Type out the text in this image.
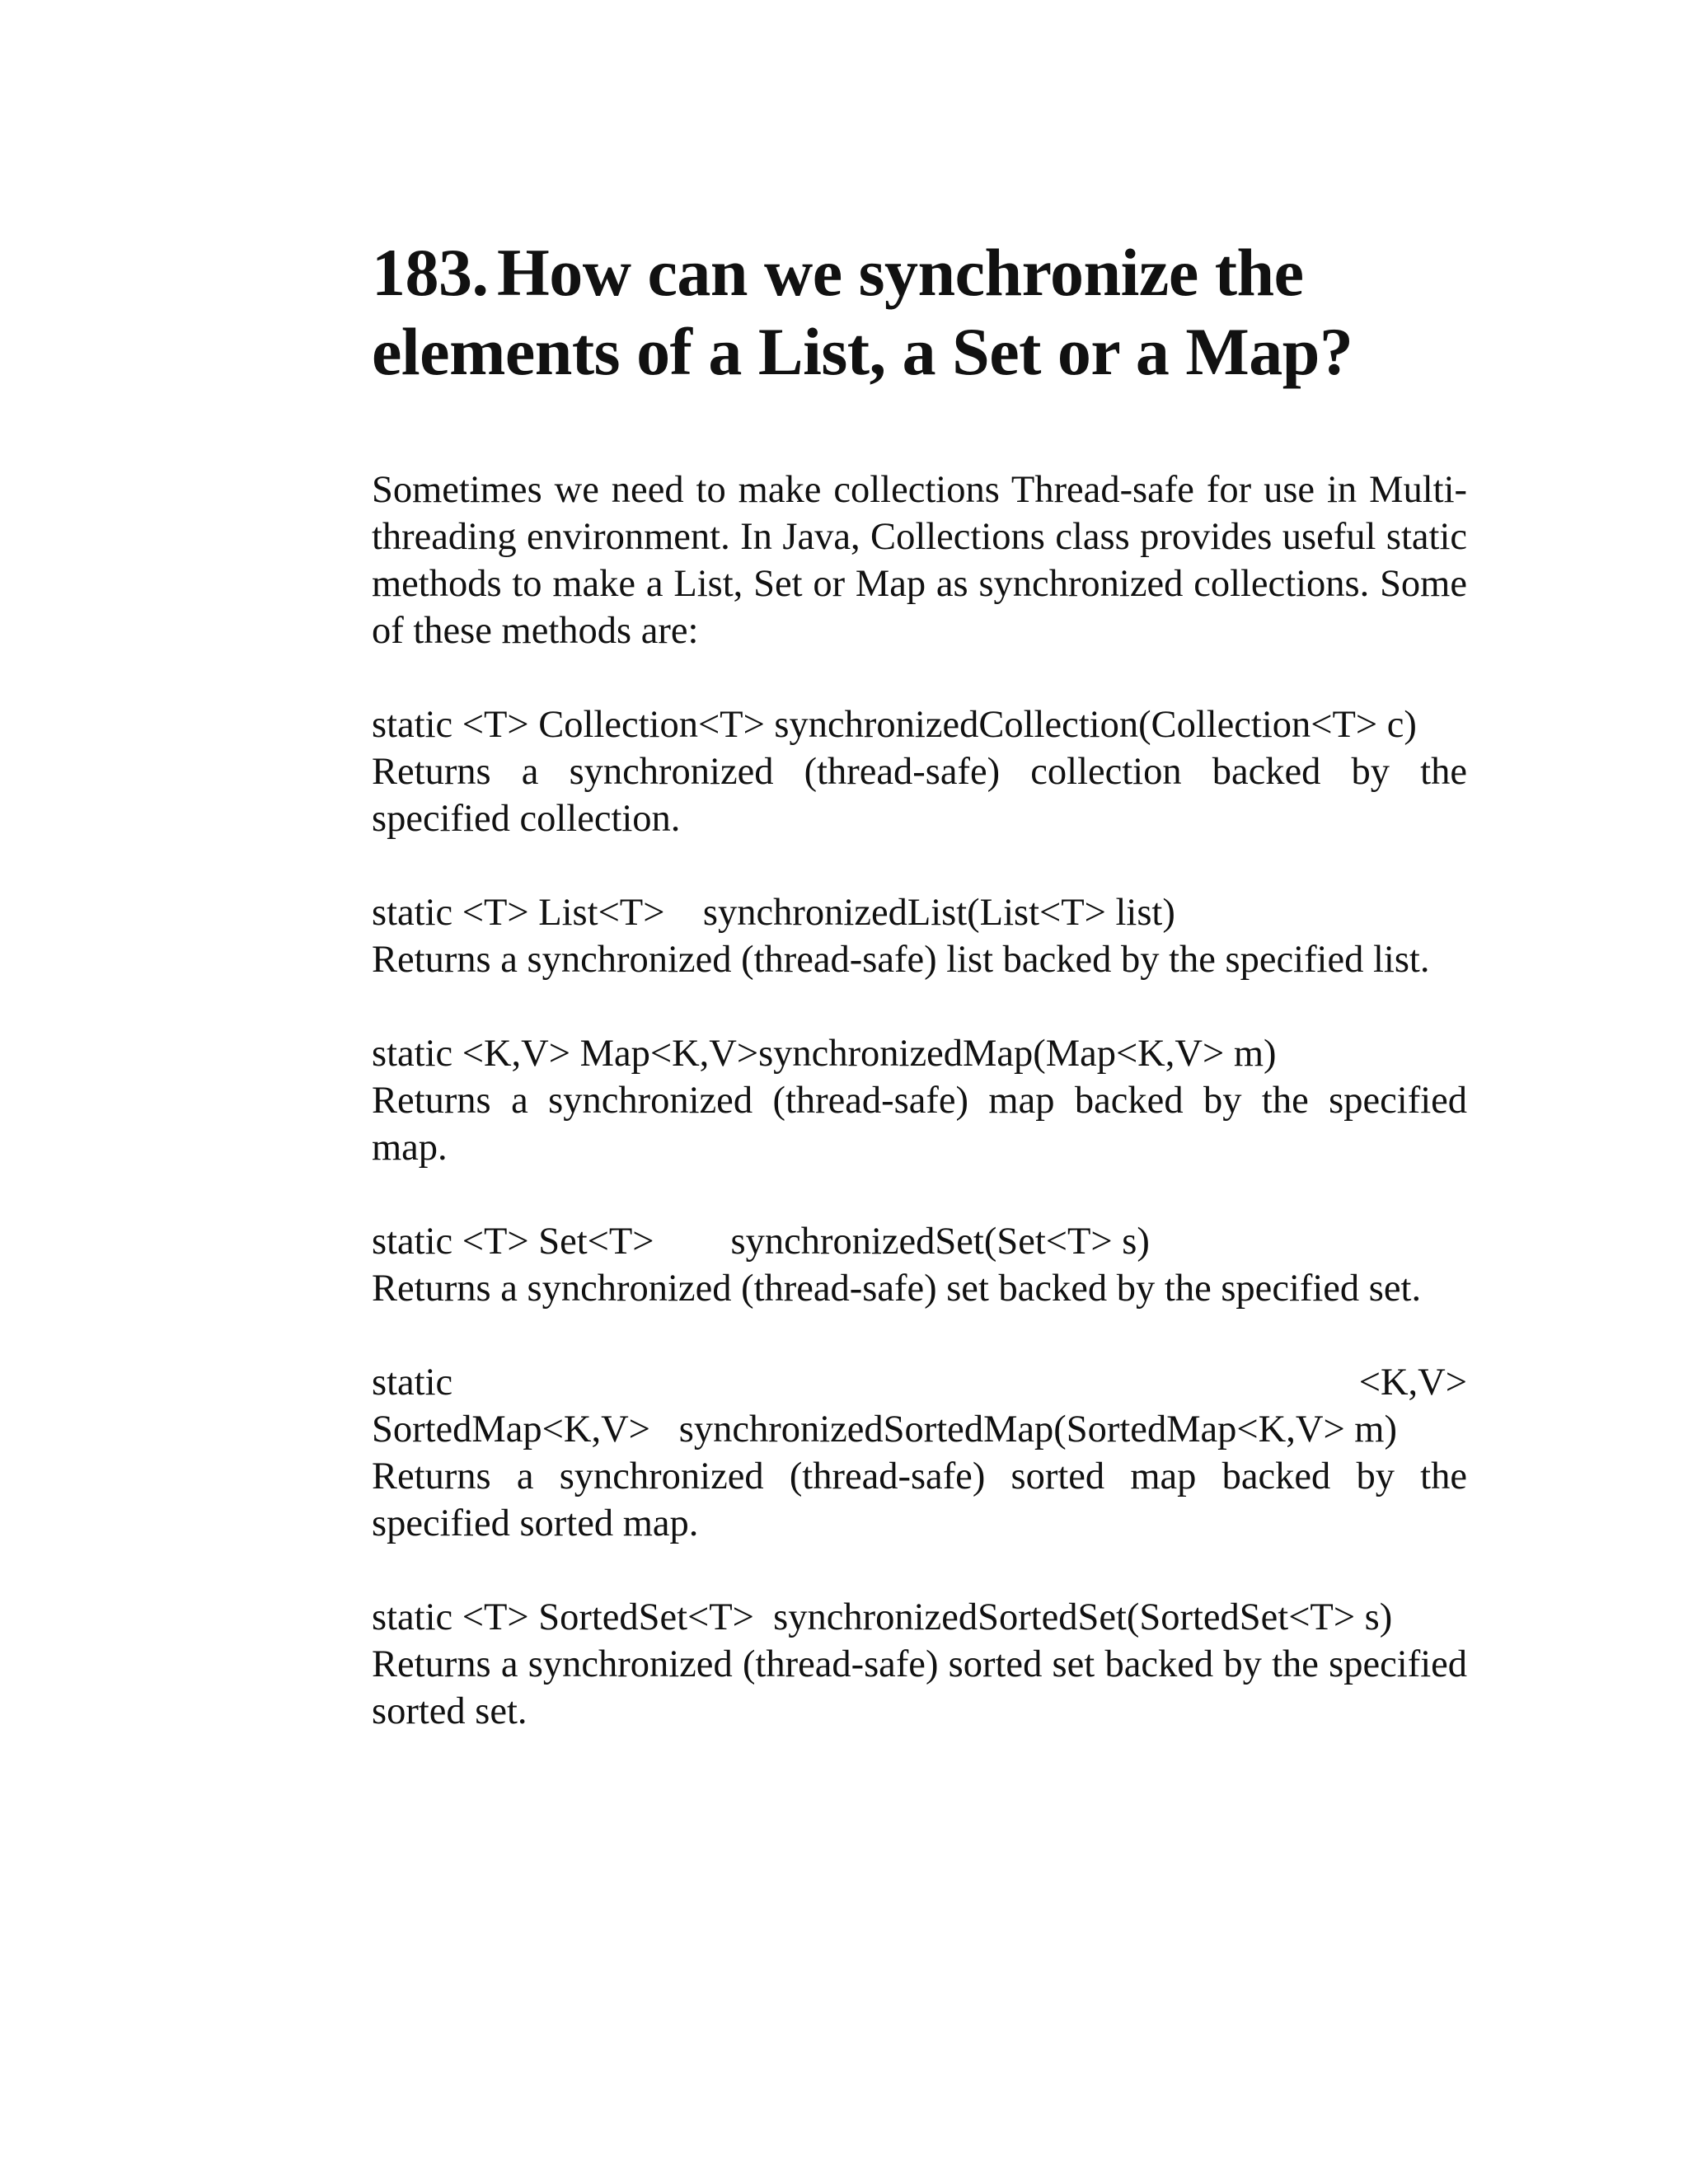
183. How can we synchronize the
elements of a List, a Set or a Map?

Sometimes we need to make collections Thread-safe for use in Multi-threading environment. In Java, Collections class provides useful static methods to make a List, Set or Map as synchronized collections. Some of these methods are:

static <T> Collection<T> synchronizedCollection(Collection<T> c)

Returns a synchronized (thread-safe) collection backed by the specified collection.

static <T> List<T>    synchronizedList(List<T> list)

Returns a synchronized (thread-safe) list backed by the specified list.

static <K,V> Map<K,V>synchronizedMap(Map<K,V> m)

Returns a synchronized (thread-safe) map backed by the specified map.

static <T> Set<T>        synchronizedSet(Set<T> s)

Returns a synchronized (thread-safe) set backed by the specified set.

static	<K,V>

SortedMap<K,V>   synchronizedSortedMap(SortedMap<K,V> m)

Returns a synchronized (thread-safe) sorted map backed by the specified sorted map.

static <T> SortedSet<T>  synchronizedSortedSet(SortedSet<T> s)

Returns a synchronized (thread-safe) sorted set backed by the specified sorted set.
